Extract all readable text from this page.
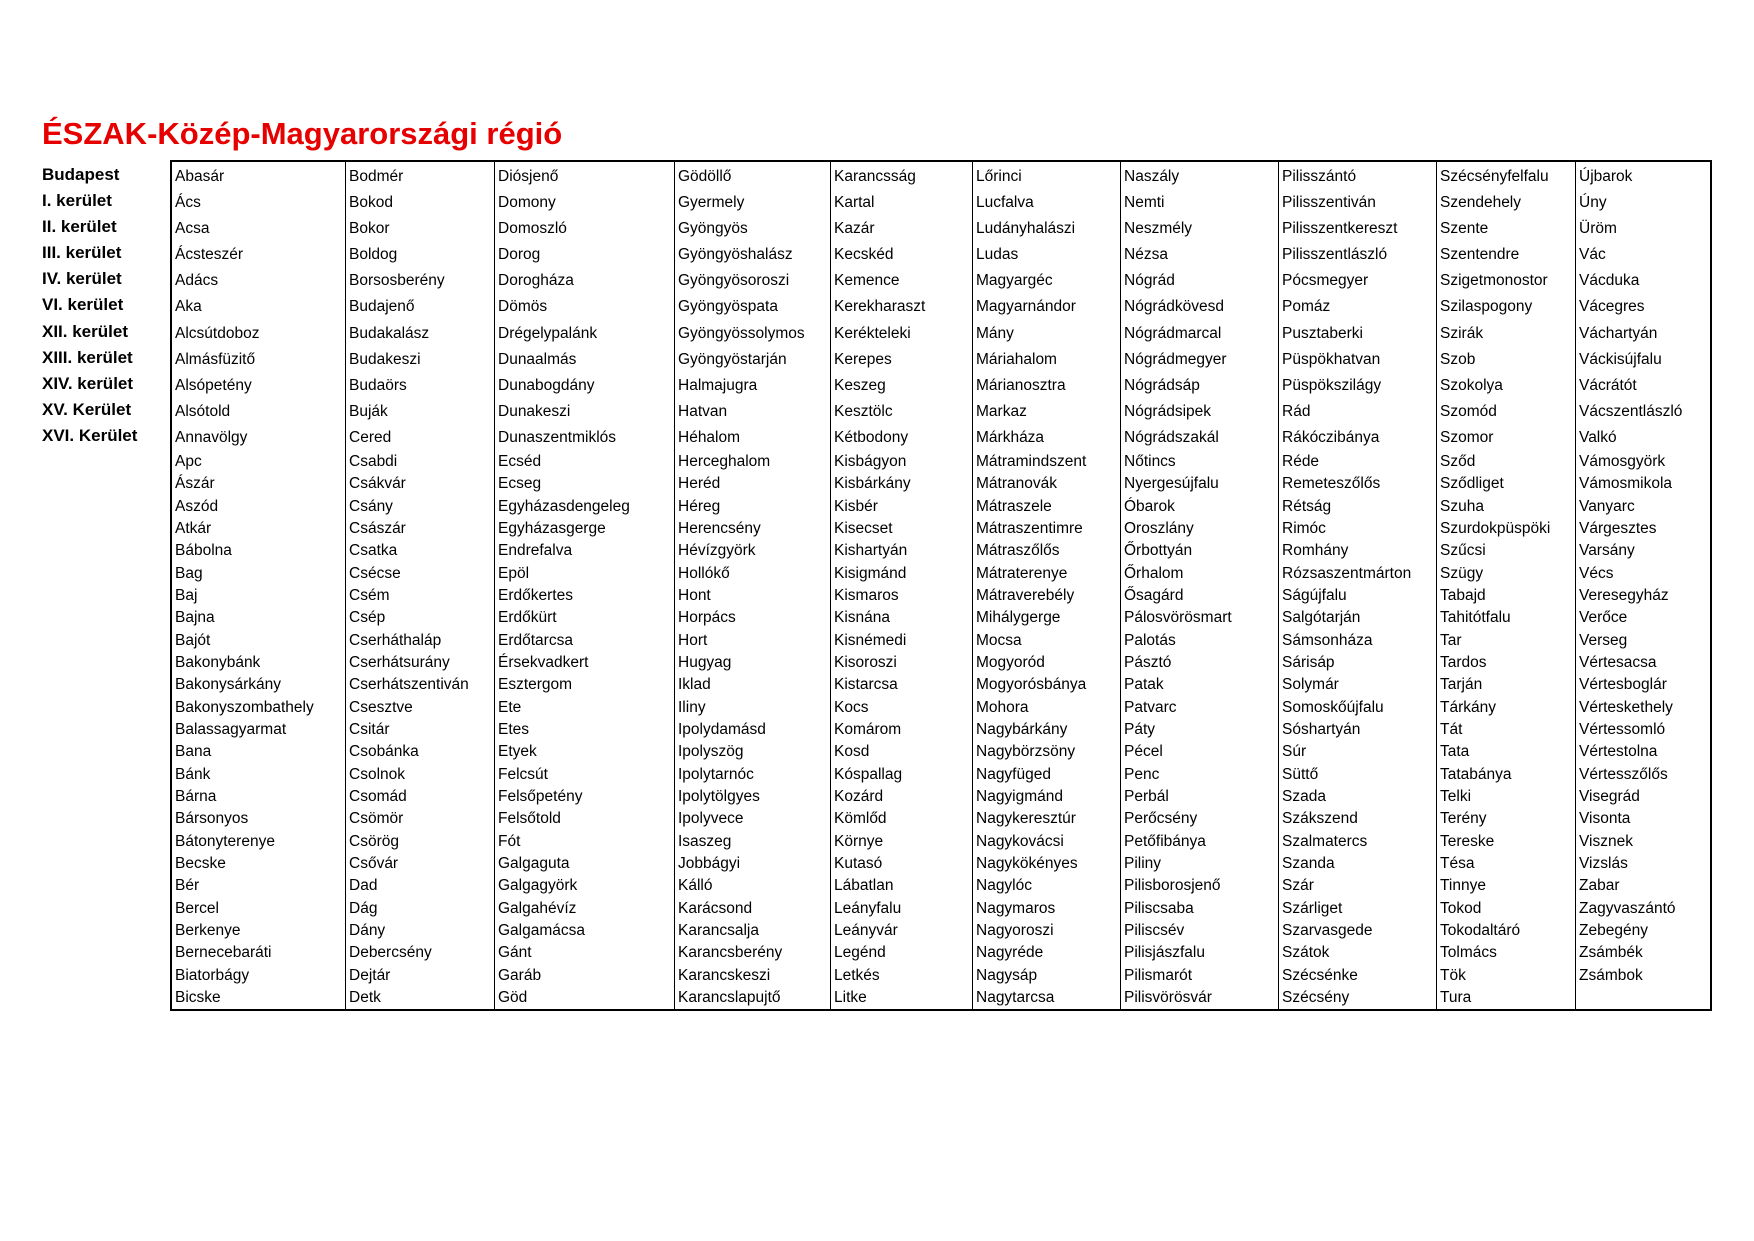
ÉSZAK-Közép-Magyarországi régió
Budapest
I. kerület
II. kerület
III. kerület
IV. kerület
VI. kerület
XII. kerület
XIII. kerület
XIV. kerület
XV. Kerület
XVI. Kerület
Abasár
Ács
Acsa
Ácsteszér
Adács
Aka
Alcsútdoboz
Almásfüzitő
Alsópetény
Alsótold
Annavölgy
Apc
Ászár
Aszód
Atkár
Bábolna
Bag
Baj
Bajna
Bajót
Bakonybánk
Bakonysárkány
Bakonyszombathely
Balassagyarmat
Bana
Bánk
Bárna
Bársonyos
Bátonyterenye
Becske
Bér
Bercel
Berkenye
Bernecebaráti
Biatorbágy
Bicske
Bodmér
Bokod
Bokor
Boldog
Borsosberény
Budajenő
Budakalász
Budakeszi
Budaörs
Buják
Cered
Csabdi
Csákvár
Csány
Császár
Csatka
Csécse
Csém
Csép
Cserháthaláp
Cserhátsurány
Cserhátszentiván
Csesztve
Csitár
Csobánka
Csolnok
Csomád
Csömör
Csörög
Csővár
Dad
Dág
Dány
Debercsény
Dejtár
Detk
Diósjenő
Domony
Domoszló
Dorog
Dorogháza
Dömös
Drégelypalánk
Dunaalmás
Dunabogdány
Dunakeszi
Dunaszentmiklós
Ecséd
Ecseg
Egyházasdengeleg
Egyházasgerge
Endrefalva
Epöl
Erdőkertes
Erdőkürt
Erdőtarcsa
Érsekvadkert
Esztergom
Ete
Etes
Etyek
Felcsút
Felsőpetény
Felsőtold
Fót
Galgaguta
Galgagyörk
Galgahévíz
Galgamácsa
Gánt
Garáb
Göd
Gödöllő
Gyermely
Gyöngyös
Gyöngyöshalász
Gyöngyösoroszi
Gyöngyöspata
Gyöngyössolymos
Gyöngyöstarján
Halmajugra
Hatvan
Héhalom
Herceghalom
Heréd
Héreg
Herencsény
Hévízgyörk
Hollókő
Hont
Horpács
Hort
Hugyag
Iklad
Iliny
Ipolydamásd
Ipolyszög
Ipolytarnóc
Ipolytölgyes
Ipolyvece
Isaszeg
Jobbágyi
Kálló
Karácsond
Karancsalja
Karancsberény
Karancskeszi
Karancslapujtő
Karancsság
Kartal
Kazár
Kecskéd
Kemence
Kerekharaszt
Kerékteleki
Kerepes
Keszeg
Kesztölc
Kétbodony
Kisbágyon
Kisbárkány
Kisbér
Kisecset
Kishartyán
Kisigmánd
Kismaros
Kisnána
Kisnémedi
Kisoroszi
Kistarcsa
Kocs
Komárom
Kosd
Kóspallag
Kozárd
Kömlőd
Környe
Kutasó
Lábatlan
Leányfalu
Leányvár
Legénd
Letkés
Litke
Lőrinci
Lucfalva
Ludányhalászi
Ludas
Magyargéc
Magyarnándor
Mány
Máriahalom
Márianosztra
Markaz
Márkháza
Mátramindszent
Mátranovák
Mátraszele
Mátraszentimre
Mátraszőlős
Mátraterenye
Mátraverebély
Mihálygerge
Mocsa
Mogyoród
Mogyorósbánya
Mohora
Nagybárkány
Nagybörzsöny
Nagyfüged
Nagyigmánd
Nagykeresztúr
Nagykovácsi
Nagykökényes
Nagylóc
Nagymaros
Nagyoroszi
Nagyréde
Nagysáp
Nagytarcsa
Naszály
Nemti
Neszmély
Nézsa
Nógrád
Nógrádkövesd
Nógrádmarcal
Nógrádmegyer
Nógrádsáp
Nógrádsipek
Nógrádszakál
Nőtincs
Nyergesújfalu
Óbarok
Oroszlány
Őrbottyán
Őrhalom
Ősagárd
Pálosvörösmart
Palotás
Pásztó
Patak
Patvarc
Páty
Pécel
Penc
Perbál
Perőcsény
Petőfibánya
Piliny
Pilisborosjenő
Piliscsaba
Piliscsév
Pilisjászfalu
Pilismarót
Pilisvörösvár
Pilisszántó
Pilisszentiván
Pilisszentkereszt
Pilisszentlászló
Pócsmegyer
Pomáz
Pusztaberki
Püspökhatvan
Püspökszilágy
Rád
Rákóczibánya
Réde
Remeteszőlős
Rétság
Rimóc
Romhány
Rózsaszentmárton
Ságújfalu
Salgótarján
Sámsonháza
Sárisáp
Solymár
Somoskőújfalu
Sóshartyán
Súr
Süttő
Szada
Szákszend
Szalmatercs
Szanda
Szár
Szárliget
Szarvasgede
Szátok
Szécsénke
Szécsény
Szécsényfelfalu
Szendehely
Szente
Szentendre
Szigetmonostor
Szilaspogony
Szirák
Szob
Szokolya
Szomód
Szomor
Sződ
Sződliget
Szuha
Szurdokpüspöki
Szűcsi
Szügy
Tabajd
Tahitótfalu
Tar
Tardos
Tarján
Tárkány
Tát
Tata
Tatabánya
Telki
Terény
Tereske
Tésa
Tinnye
Tokod
Tokodaltáró
Tolmács
Tök
Tura
Újbarok
Úny
Üröm
Vác
Vácduka
Vácegres
Váchartyán
Váckisújfalu
Vácrátót
Vácszentlászló
Valkó
Vámosgyörk
Vámosmikola
Vanyarc
Várgesztes
Varsány
Vécs
Veresegyház
Verőce
Verseg
Vértesacsa
Vértesboglár
Vérteskethely
Vértessomló
Vértestolna
Vértesszőlős
Visegrád
Visonta
Visznek
Vizslás
Zabar
Zagyvaszántó
Zebegény
Zsámbék
Zsámbok
